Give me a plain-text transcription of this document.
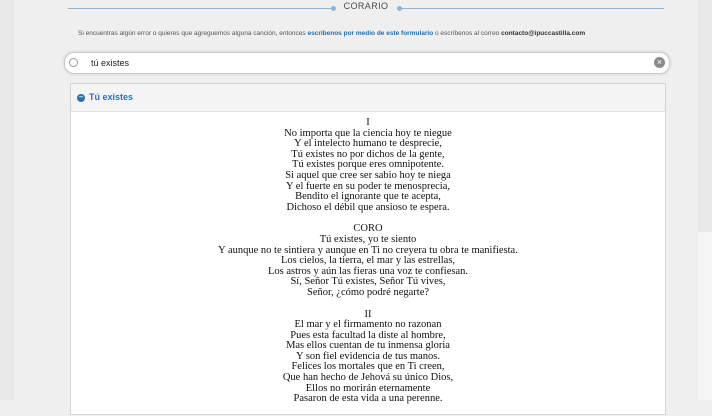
CORARIO
Si encuentras algún error o quieres que agreguemos alguna canción, entonces escríbenos por medio de este formulario o escríbenos al correo contacto@ipuccastilla.com
tú existes
×
– Tú existes
I
No importa que la ciencia hoy te niegue
Y el intelecto humano te desprecie,
Tú existes no por dichos de la gente,
Tú existes porque eres omnipotente.
Si aquel que cree ser sabio hoy te niega
Y el fuerte en su poder te menosprecia,
Bendito el ignorante que te acepta,
Dichoso el débil que ansioso te espera.
CORO
Tú existes, yo te siento
Y aunque no te sintiera y aunque en Ti no creyera tu obra te manifiesta.
Los cielos, la tierra, el mar y las estrellas,
Los astros y aún las fieras una voz te confiesan.
Sí, Señor Tú existes, Señor Tú vives,
Señor, ¿cómo podré negarte?
II
El mar y el firmamento no razonan
Pues esta facultad la diste al hombre,
Mas ellos cuentan de tu inmensa gloria
Y son fiel evidencia de tus manos.
Felices los mortales que en Ti creen,
Que han hecho de Jehová su único Dios,
Ellos no morirán eternamente
Pasaron de esta vida a una perenne.
